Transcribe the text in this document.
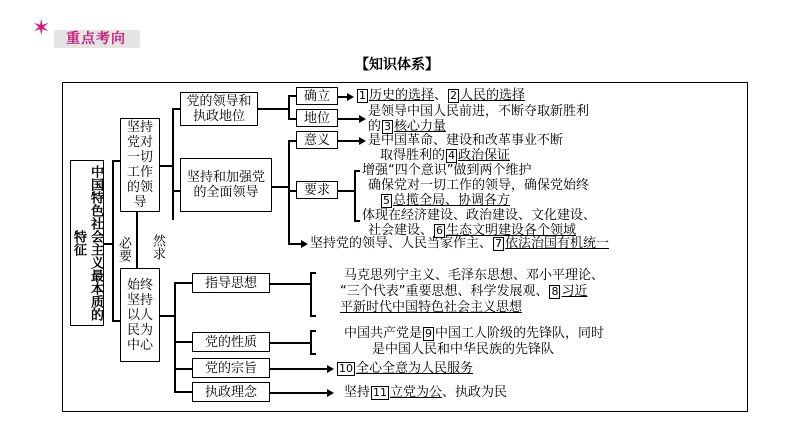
✶ 重点考向
【知识体系】
中国特色社会主义最本质的特征	必要 然求
坚持党对一切工作的领导
始终坚持以人民为中心
党的领导和执政地位
坚持和加强党的全面领导
确立
地位
意义
要求
1 历史的选择、 2 人民的选择
是领导中国人民前进，不断夺取新胜利
的 3 核心力量
是中国革命、建设和改革事业不断
取得胜利的 4 政治保证
增强“四个意识”做到两个维护
确保党对一切工作的领导，确保党始终
5 总揽全局、协调各方
体现在经济建设、政治建设、文化建设、
社会建设、 6 生态文明建设各个领域
坚持党的领导、人民当家作主、 7 依法治国有机统一
指导思想
党的性质
党的宗旨
执政理念
马克思列宁主义、毛泽东思想、邓小平理论、
“三个代表”重要思想、科学发展观、 8 习近
平新时代中国特色社会主义思想
中国共产党是 9 中国工人阶级的先锋队，同时
是中国人民和中华民族的先锋队
10 全心全意为人民服务
坚持 11 立党为公、执政为民
